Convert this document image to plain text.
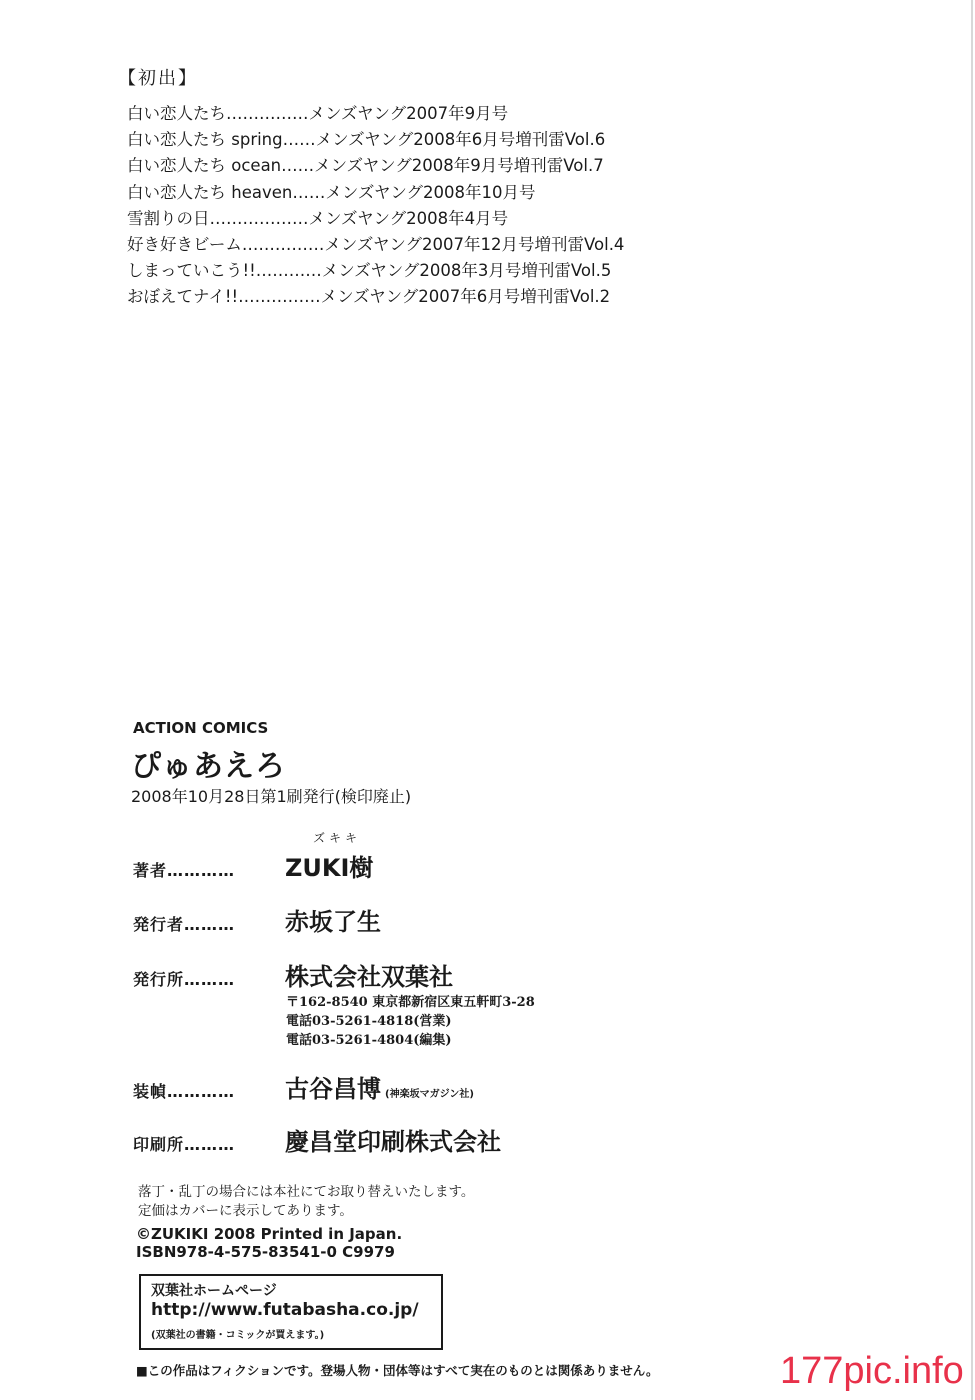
【初出】
白い恋人たち……………メンズヤング2007年9月号
白い恋人たち spring……メンズヤング2008年6月号増刊雷Vol.6
白い恋人たち ocean……メンズヤング2008年9月号増刊雷Vol.7
白い恋人たち heaven……メンズヤング2008年10月号
雪割りの日………………メンズヤング2008年4月号
好き好きビーム……………メンズヤング2007年12月号増刊雷Vol.4
しまっていこう!!…………メンズヤング2008年3月号増刊雷Vol.5
おぼえてナイ!!……………メンズヤング2007年6月号増刊雷Vol.2
ACTION COMICS
ぴゅあえろ
2008年10月28日第1刷発行(検印廃止)
ズキキ
著者………… ZUKI樹
発行者……… 赤坂了生
発行所……… 株式会社双葉社
〒162-8540 東京都新宿区東五軒町3-28
電話03-5261-4818(営業)
電話03-5261-4804(編集)
装幀………… 古谷昌博 (神楽坂マガジン社)
印刷所……… 慶昌堂印刷株式会社
落丁・乱丁の場合には本社にてお取り替えいたします。
定価はカバーに表示してあります。
©ZUKIKI 2008 Printed in Japan.
ISBN978-4-575-83541-0 C9979
双葉社ホームページ
http://www.futabasha.co.jp/
(双葉社の書籍・コミックが買えます。)
■この作品はフィクションです。登場人物・団体等はすべて実在のものとは関係ありません。	177pic.info
